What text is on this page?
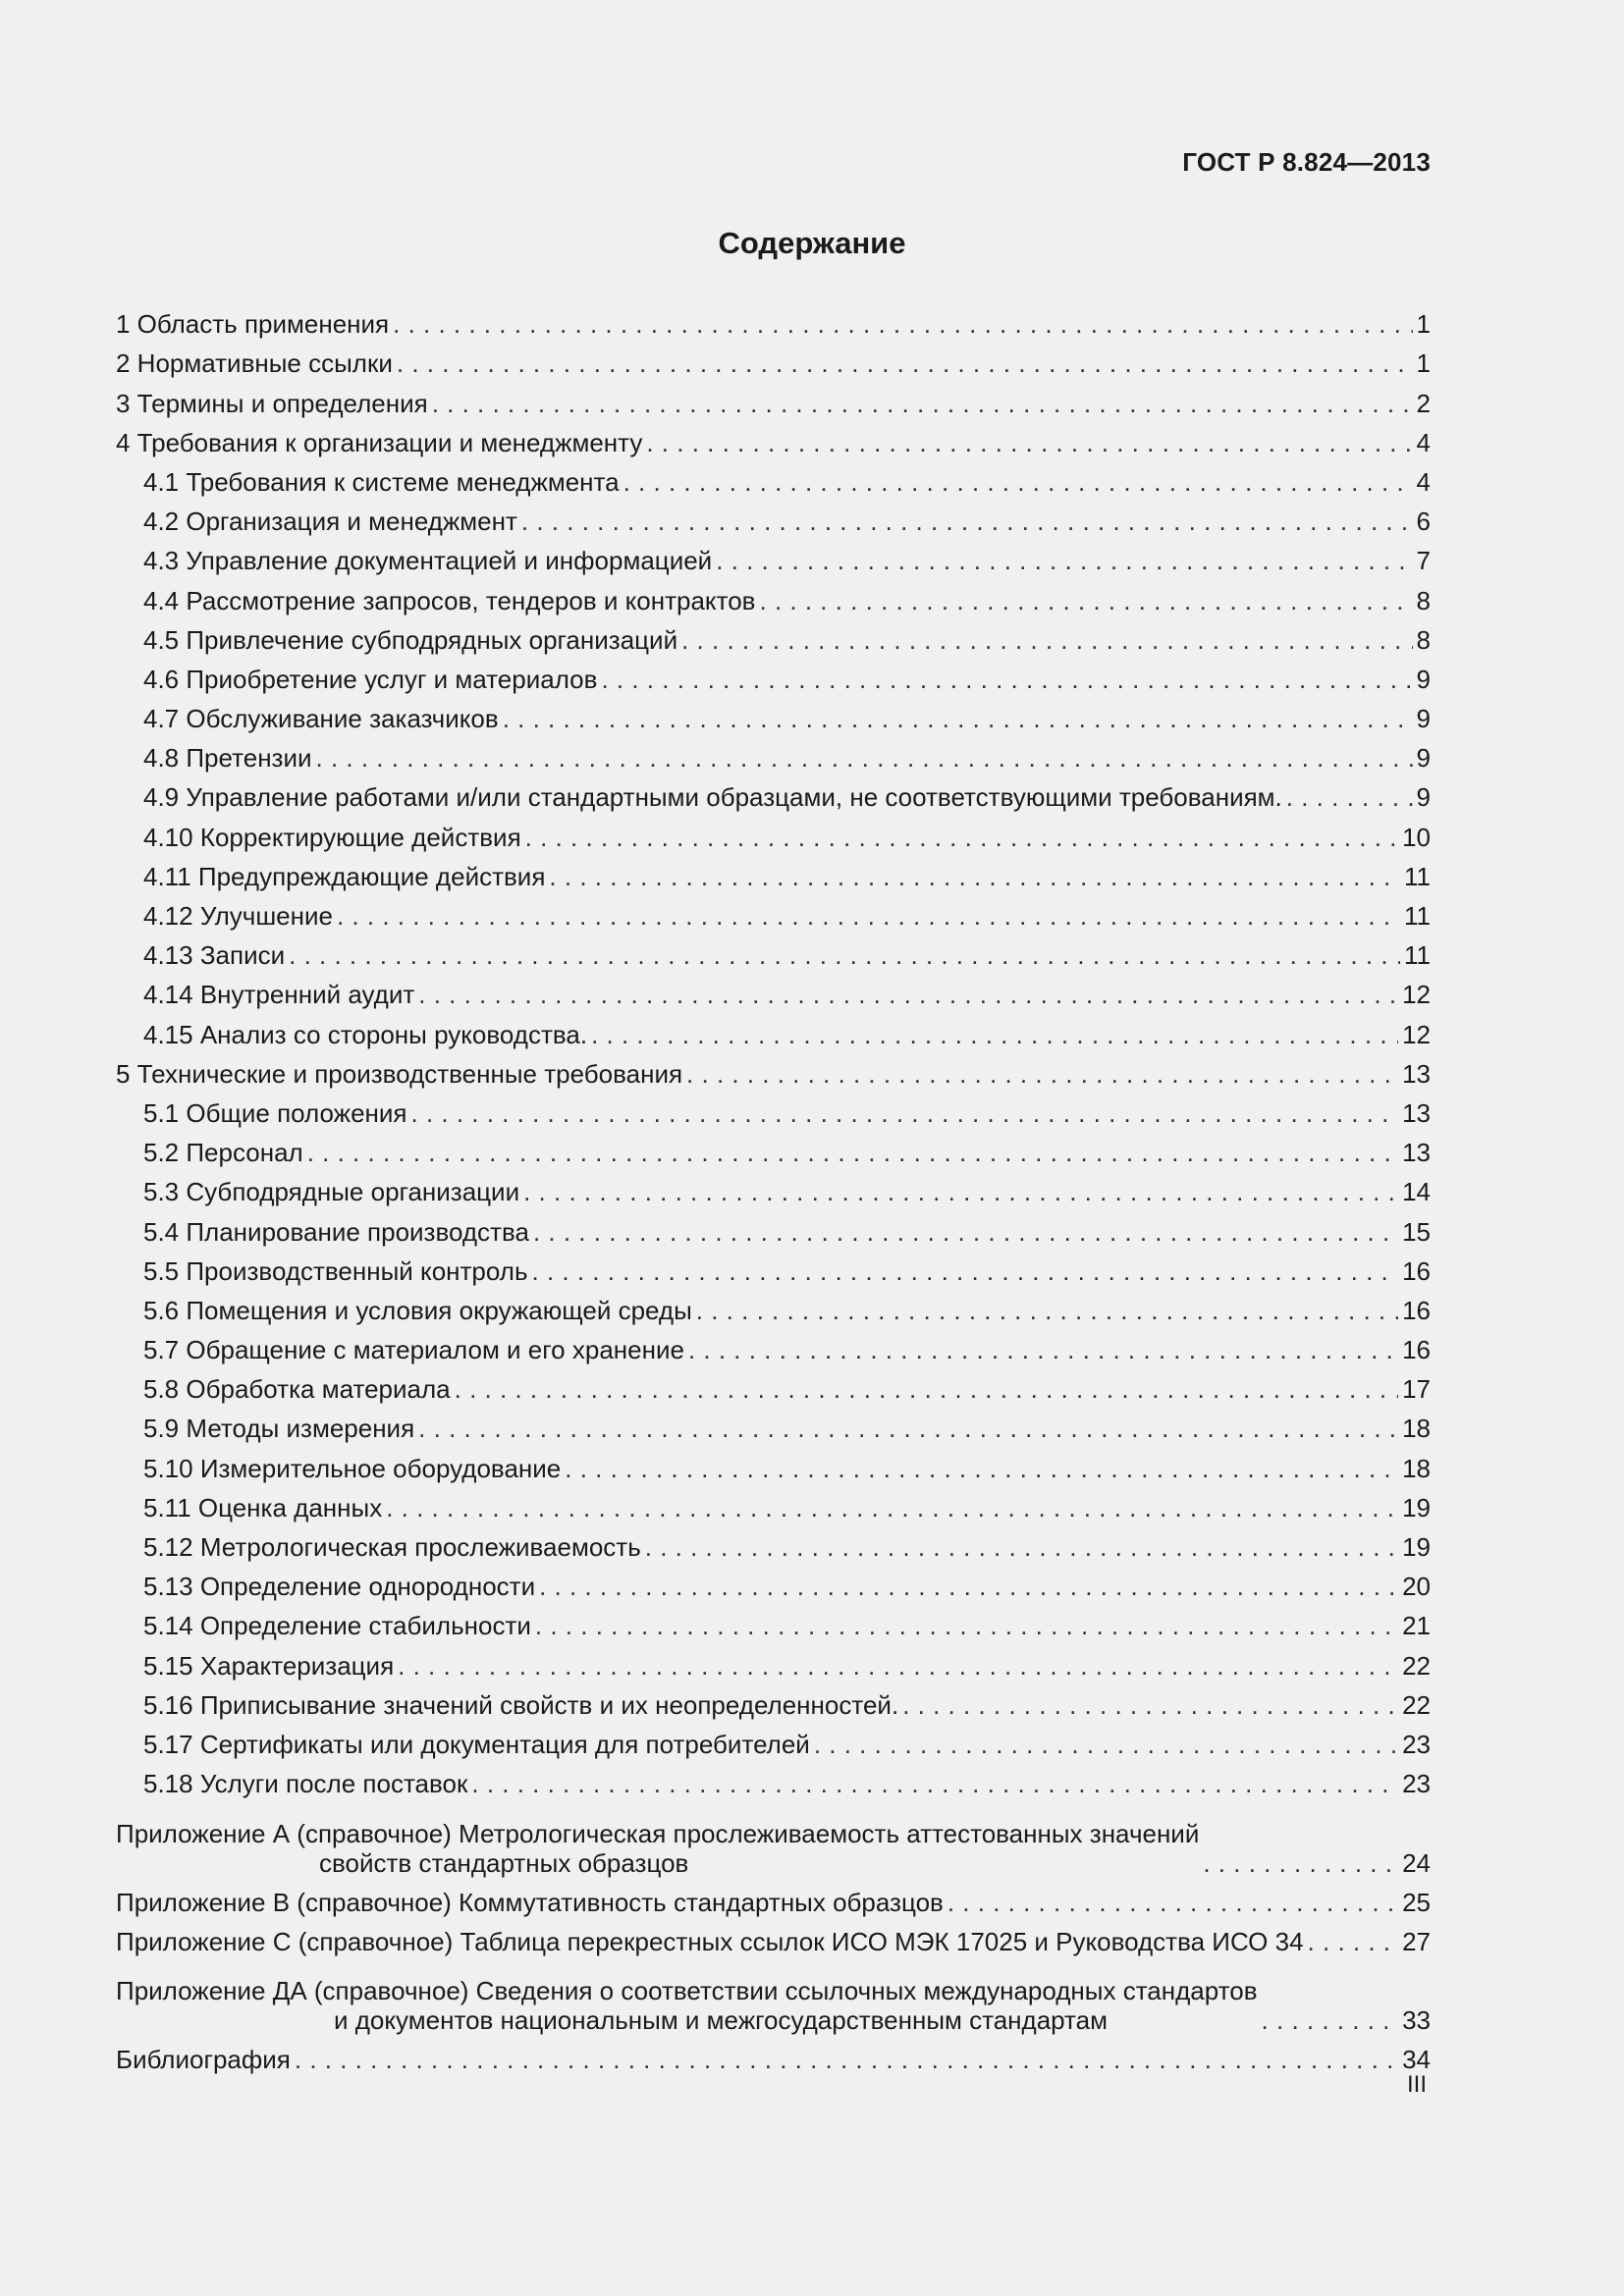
ГОСТ Р 8.824—2013
Содержание
1 Область применения . . .	1
2 Нормативные ссылки . . .	1
3 Термины и определения . . .	2
4 Требования к организации и менеджменту . . .	4
4.1 Требования к системе менеджмента . . .	4
4.2 Организация и менеджмент . . .	6
4.3 Управление документацией и информацией . . .	7
4.4 Рассмотрение запросов, тендеров и контрактов . . .	8
4.5 Привлечение субподрядных организаций . . .	8
4.6 Приобретение услуг и материалов . . .	9
4.7 Обслуживание заказчиков . . .	9
4.8 Претензии . . .	9
4.9 Управление работами и/или стандартными образцами, не соответствующими требованиям. . . .	9
4.10 Корректирующие действия . . .	10
4.11 Предупреждающие действия . . .	11
4.12 Улучшение . . .	11
4.13 Записи . . .	11
4.14 Внутренний аудит . . .	12
4.15 Анализ со стороны руководства. . . .	12
5 Технические и производственные требования . . .	13
5.1 Общие положения . . .	13
5.2 Персонал . . .	13
5.3 Субподрядные организации . . .	14
5.4 Планирование производства . . .	15
5.5 Производственный контроль . . .	16
5.6 Помещения и условия окружающей среды . . .	16
5.7 Обращение с материалом и его хранение . . .	16
5.8 Обработка материала . . .	17
5.9 Методы измерения . . .	18
5.10 Измерительное оборудование . . .	18
5.11 Оценка данных . . .	19
5.12 Метрологическая прослеживаемость . . .	19
5.13 Определение однородности . . .	20
5.14 Определение стабильности . . .	21
5.15 Характеризация . . .	22
5.16 Приписывание значений свойств и их неопределенностей. . . .	22
5.17 Сертификаты или документация для потребителей . . .	23
5.18 Услуги после поставок . . .	23
Приложение А (справочное) Метрологическая прослеживаемость аттестованных значений
свойств стандартных образцов . . .	24
Приложение В (справочное) Коммутативность стандартных образцов . . .	25
Приложение С (справочное) Таблица перекрестных ссылок ИСО МЭК 17025 и Руководства ИСО 34 . . .	27
Приложение ДА (справочное) Сведения о соответствии ссылочных международных стандартов
и документов национальным и межгосударственным стандартам . . .	33
Библиография . . .	34
III
